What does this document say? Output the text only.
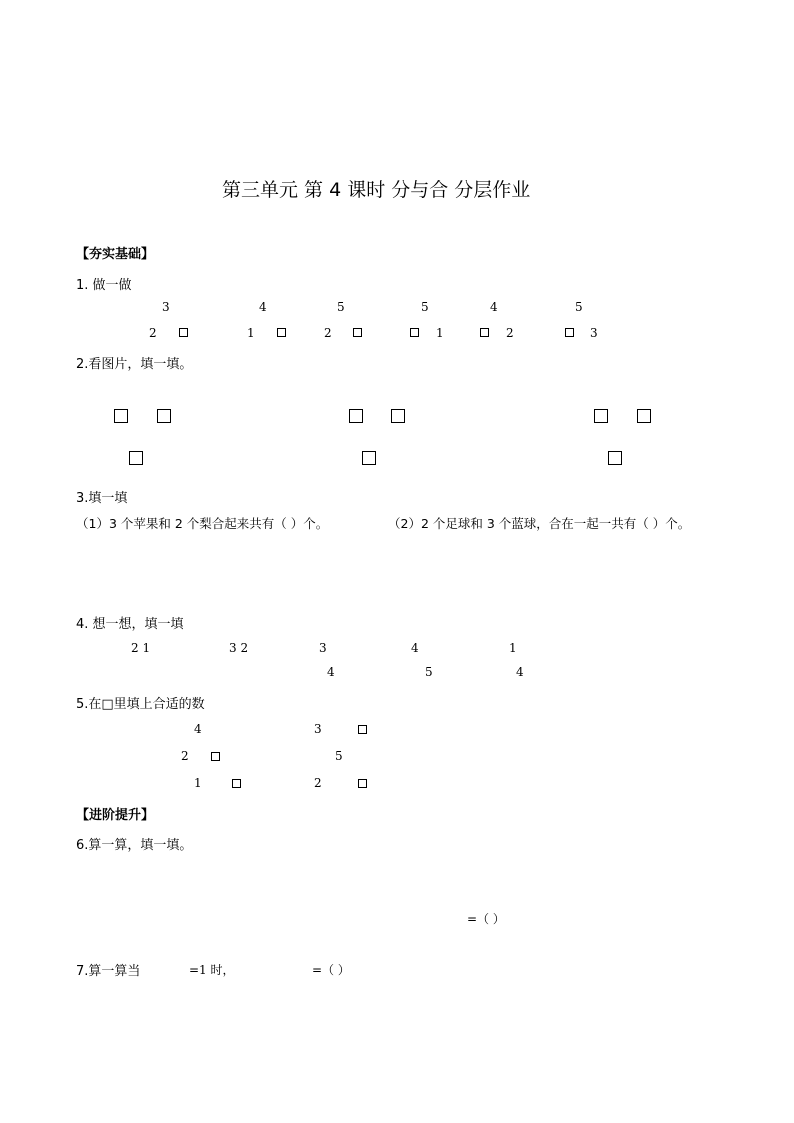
第三单元 第 4 课时 分与合 分层作业
【夯实基础】
1. 做一做
3	4	5	5	4	5
2	1	2	1	2	3
2.看图片，填一填。
3.填一填
（1）3 个苹果和 2 个梨合起来共有（ ）个。	（2）2 个足球和 3 个蓝球，合在一起一共有（ ）个。
4. 想一想，填一填
2 1	3 2	3	4	1
4	5	4
5.在□里填上合适的数
4	3
2	5
1	2
【进阶提升】
6.算一算，填一填。
=（ ）
7.算一算当	=1 时，	=（ ）
